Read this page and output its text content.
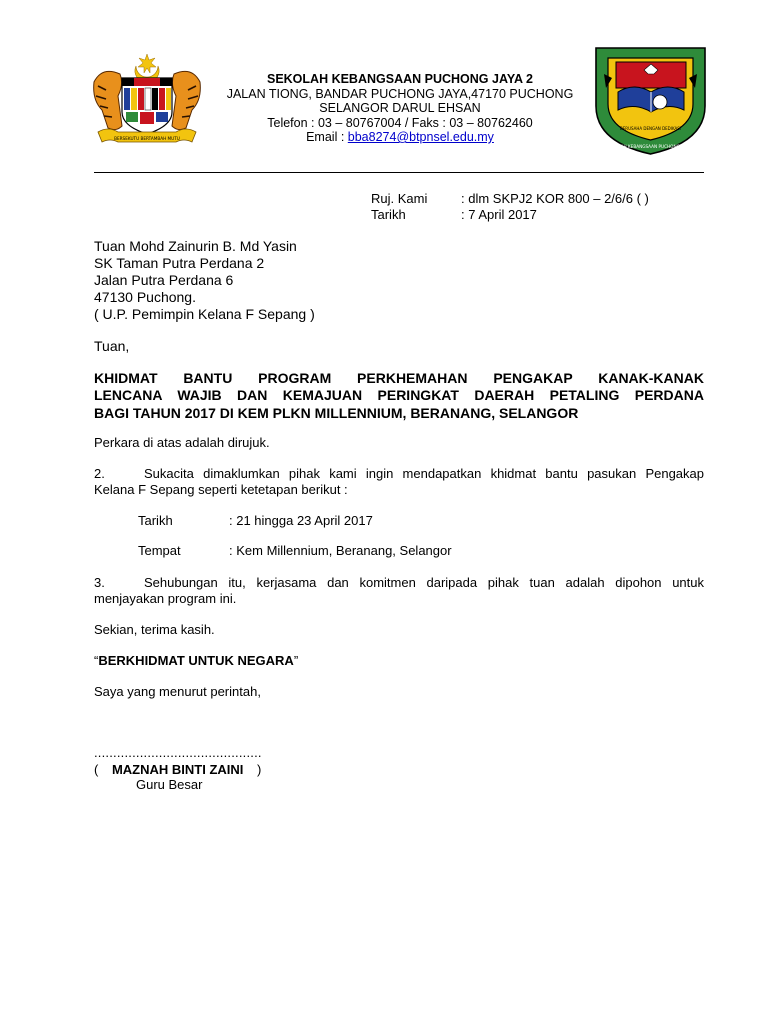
BERSEKUTU BERTAMBAH MUTU
SEKOLAH KEBANGSAAN PUCHONG JAYA 2
JALAN TIONG, BANDAR PUCHONG JAYA,47170 PUCHONG
SELANGOR DARUL EHSAN
Telefon : 03 – 80767004 / Faks : 03 – 80762460
Email : bba8274@btpnsel.edu.my
BERUSAHA DENGAN DEDIKASI
SEKOLAH KEBANGSAAN PUCHONG JAYA 2
Ruj. Kami	: dlm SKPJ2 KOR 800 – 2/6/6 ( )
Tarikh	: 7 April 2017
Tuan Mohd Zainurin B. Md Yasin
SK Taman Putra Perdana 2
Jalan Putra Perdana 6
47130 Puchong.
( U.P. Pemimpin Kelana F Sepang )
Tuan,
KHIDMAT BANTU PROGRAM PERKHEMAHAN PENGAKAP KANAK-KANAK
LENCANA WAJIB DAN KEMAJUAN PERINGKAT DAERAH PETALING PERDANA
BAGI TAHUN 2017 DI KEM PLKN MILLENNIUM, BERANANG, SELANGOR
Perkara di atas adalah dirujuk.
2.	Sukacita dimaklumkan pihak kami ingin mendapatkan khidmat bantu pasukan Pengakap
Kelana F Sepang seperti ketetapan berikut :
Tarikh	: 21 hingga 23 April 2017
Tempat	: Kem Millennium, Beranang, Selangor
3.	Sehubungan itu, kerjasama dan komitmen daripada pihak tuan adalah dipohon untuk
menjayakan program ini.
Sekian, terima kasih.
“BERKHIDMAT UNTUK NEGARA”
Saya yang menurut perintah,
............................................
( MAZNAH BINTI ZAINI )
Guru Besar
